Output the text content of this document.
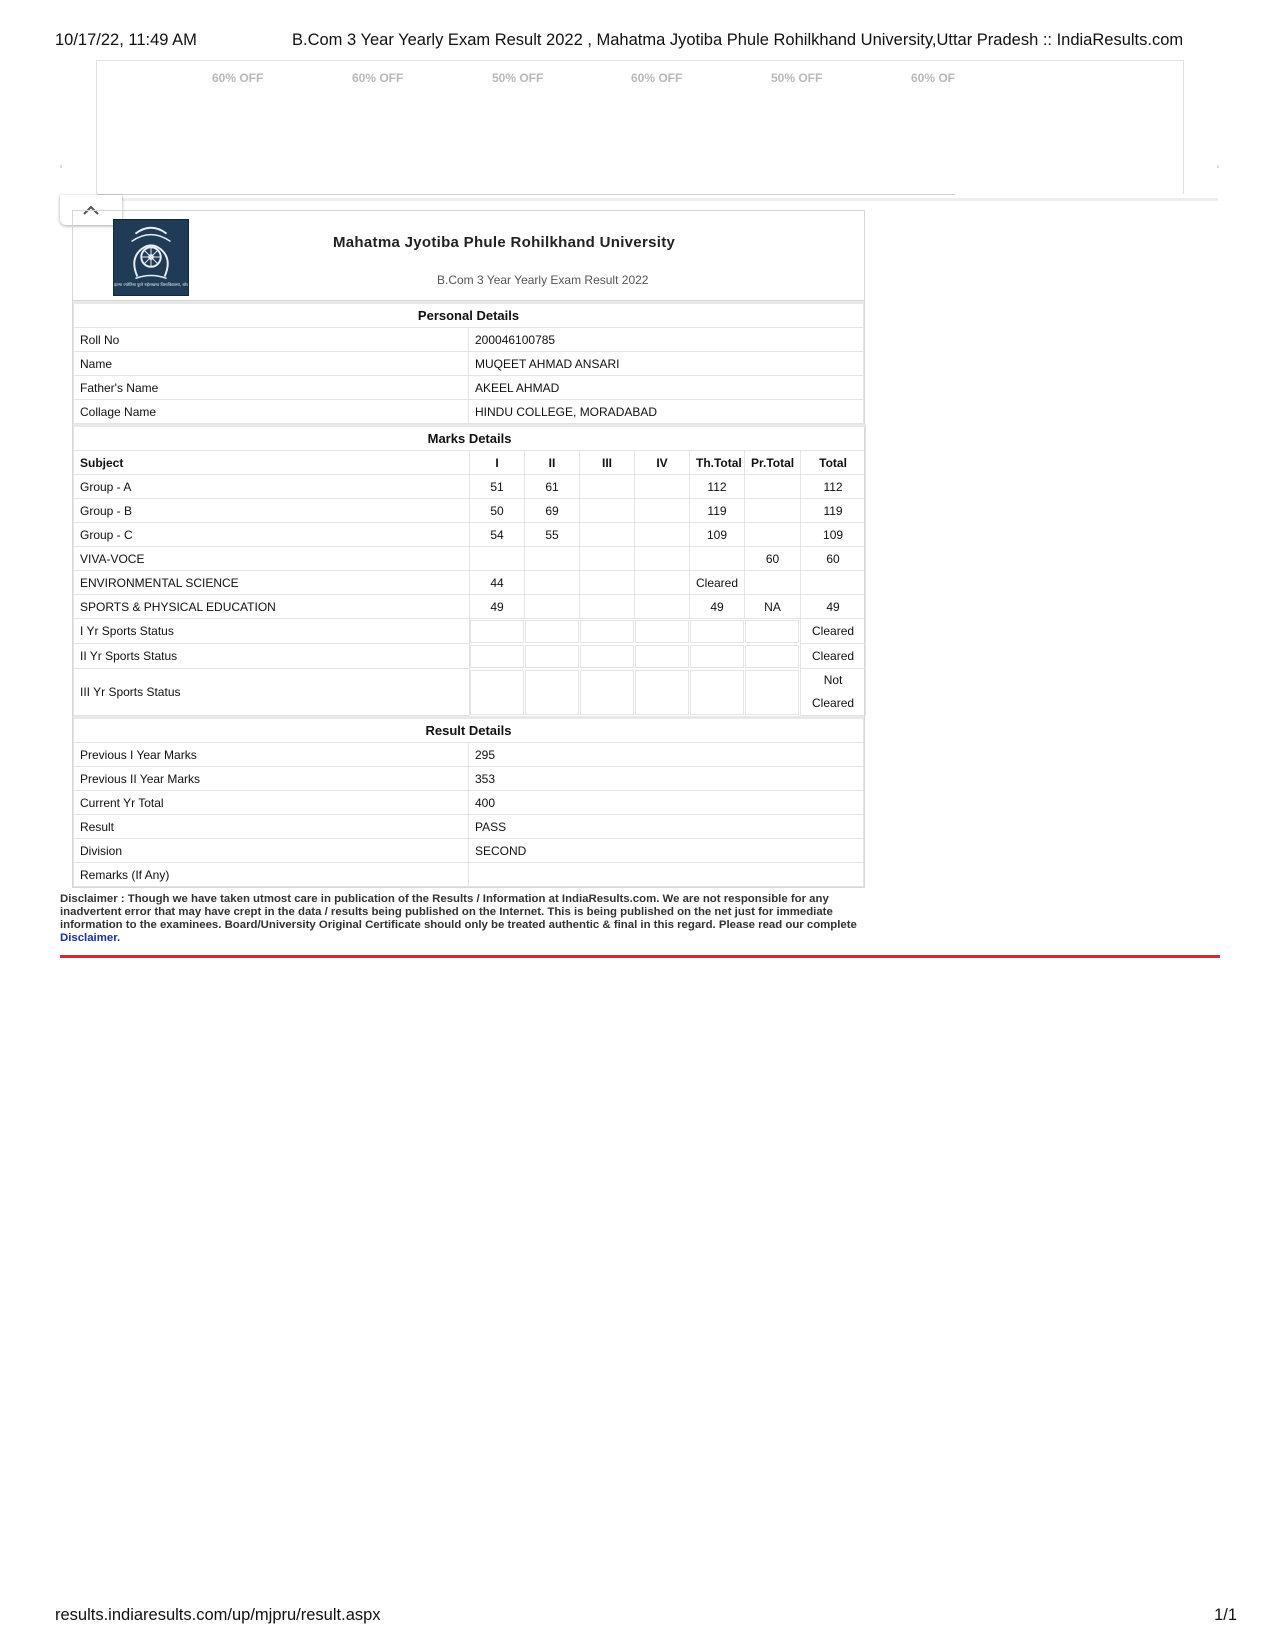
10/17/22, 11:49 AM	B.Com 3 Year Yearly Exam Result 2022 , Mahatma Jyotiba Phule Rohilkhand University,Uttar Pradesh :: IndiaResults.com
60% OFF	60% OFF	50% OFF	60% OFF	50% OFF	60% OF
महात्मा ज्योतिबा फुले रुहेलखण्ड विश्वविद्यालय, बरेली
Mahatma Jyotiba Phule Rohilkhand University
B.Com 3 Year Yearly Exam Result 2022
Personal Details	
Roll No	200046100785
Name	MUQEET AHMAD ANSARI
Father's Name	AKEEL AHMAD
Collage Name	HINDU COLLEGE, MORADABAD
Marks Details							
Subject	I	II	III	IV	Th.Total	Pr.Total	Total
Group - A	51	61			112		112
Group - B	50	69			119		119
Group - C	54	55			109		109
VIVA-VOCE						60	60
ENVIRONMENTAL SCIENCE	44				Cleared		
SPORTS & PHYSICAL EDUCATION	49				49	NA	49
I Yr Sports Status							Cleared
II Yr Sports Status							Cleared
III Yr Sports Status							Not
Cleared
Result Details	
Previous I Year Marks	295
Previous II Year Marks	353
Current Yr Total	400
Result	PASS
Division	SECOND
Remarks (If Any)	
Disclaimer : Though we have taken utmost care in publication of the Results / Information at IndiaResults.com. We are not responsible for any inadvertent error that may have crept in the data / results being published on the Internet. This is being published on the net just for immediate information to the examinees. Board/University Original Certificate should only be treated authentic & final in this regard. Please read our complete Disclaimer.
results.indiaresults.com/up/mjpru/result.aspx	1/1
